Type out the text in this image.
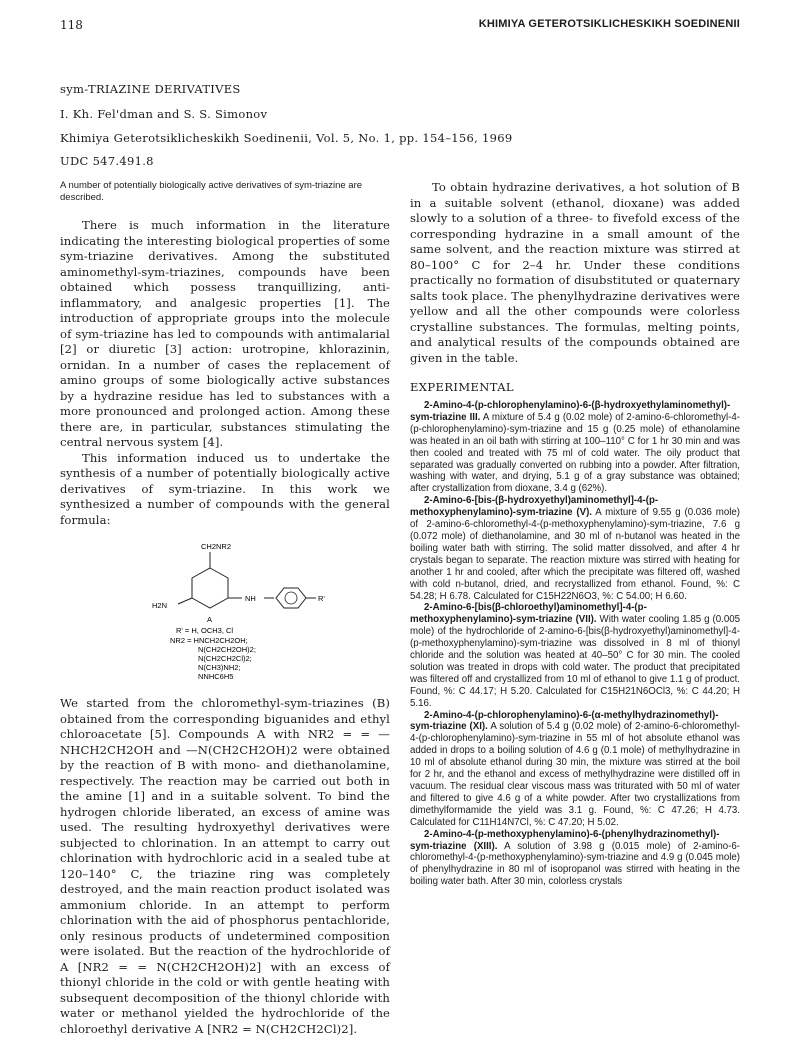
118	KHIMIYA GETEROTSIKLICHESKIKH SOEDINENII
sym-TRIAZINE DERIVATIVES
I. Kh. Fel'dman and S. S. Simonov
Khimiya Geterotsiklicheskikh Soedinenii, Vol. 5, No. 1, pp. 154–156, 1969
UDC 547.491.8

A number of potentially biologically active derivatives of sym-triazine are described.

There is much information in the literature indicating the interesting biological properties of some sym-triazine derivatives. Among the substituted aminomethyl-sym-triazines, compounds have been obtained which possess tranquillizing, anti-inflammatory, and analgesic properties [1]. The introduction of appropriate groups into the molecule of sym-triazine has led to compounds with antimalarial [2] or diuretic [3] action: urotropine, khlorazinin, ornidan. In a number of cases the replacement of amino groups of some biologically active substances by a hydrazine residue has led to substances with a more pronounced and prolonged action. Among these there are, in particular, substances stimulating the central nervous system [4].

This information induced us to undertake the synthesis of a number of potentially biologically active derivatives of sym-triazine. In this work we synthesized a number of compounds with the general formula:

CH2NR2
H2N
NH	R'
A
R' = H, OCH3, Cl
NR2 = HNCH2CH2OH;
N(CH2CH2OH)2;
N(CH2CH2Cl)2;
N(CH3)NH2;
NNHC6H5

We started from the chloromethyl-sym-triazines (B) obtained from the corresponding biguanides and ethyl chloroacetate [5]. Compounds A with NR2 = = —NHCH2CH2OH and —N(CH2CH2OH)2 were obtained by the reaction of B with mono- and diethanolamine, respectively. The reaction may be carried out both in the amine [1] and in a suitable solvent. To bind the hydrogen chloride liberated, an excess of amine was used. The resulting hydroxyethyl derivatives were subjected to chlorination. In an attempt to carry out chlorination with hydrochloric acid in a sealed tube at 120–140° C, the triazine ring was completely destroyed, and the main reaction product isolated was ammonium chloride. In an attempt to perform chlorination with the aid of phosphorus pentachloride, only resinous products of undetermined composition were isolated. But the reaction of the hydrochloride of A [NR2 = = N(CH2CH2OH)2] with an excess of thionyl chloride in the cold or with gentle heating with subsequent decomposition of the thionyl chloride with water or methanol yielded the hydrochloride of the chloroethyl derivative A [NR2 = N(CH2CH2Cl)2].

To obtain hydrazine derivatives, a hot solution of B in a suitable solvent (ethanol, dioxane) was added slowly to a solution of a three- to fivefold excess of the corresponding hydrazine in a small amount of the same solvent, and the reaction mixture was stirred at 80–100° C for 2–4 hr. Under these conditions practically no formation of disubstituted or quaternary salts took place. The phenylhydrazine derivatives were yellow and all the other compounds were colorless crystalline substances. The formulas, melting points, and analytical results of the compounds obtained are given in the table.

EXPERIMENTAL

2-Amino-4-(p-chlorophenylamino)-6-(β-hydroxyethylaminomethyl)-sym-triazine III. A mixture of 5.4 g (0.02 mole) of 2-amino-6-chloromethyl-4-(p-chlorophenylamino)-sym-triazine and 15 g (0.25 mole) of ethanolamine was heated in an oil bath with stirring at 100–110° C for 1 hr 30 min and was then cooled and treated with 75 ml of cold water. The oily product that separated was gradually converted on rubbing into a powder. After filtration, washing with water, and drying, 5.1 g of a gray substance was obtained; after crystallization from dioxane, 3.4 g (62%).

2-Amino-6-[bis-(β-hydroxyethyl)aminomethyl]-4-(p-methoxyphenylamino)-sym-triazine (V). A mixture of 9.55 g (0.036 mole) of 2-amino-6-chloromethyl-4-(p-methoxyphenylamino)-sym-triazine, 7.6 g (0.072 mole) of diethanolamine, and 30 ml of n-butanol was heated in the boiling water bath with stirring. The solid matter dissolved, and after 4 hr crystals began to separate. The reaction mixture was stirred with heating for another 1 hr and cooled, after which the precipitate was filtered off, washed with cold n-butanol, dried, and recrystallized from ethanol. Found, %: C 54.28; H 6.78. Calculated for C15H22N6O3, %: C 54.00; H 6.60.

2-Amino-6-[bis(β-chloroethyl)aminomethyl]-4-(p-methoxyphenylamino)-sym-triazine (VII). With water cooling 1.85 g (0.005 mole) of the hydrochloride of 2-amino-6-[bis(β-hydroxyethyl)aminomethyl]-4-(p-methoxyphenylamino)-sym-triazine was dissolved in 8 ml of thionyl chloride and the solution was heated at 40–50° C for 30 min. The cooled solution was treated in drops with cold water. The product that precipitated was filtered off and crystallized from 10 ml of ethanol to give 1.1 g of product. Found, %: C 44.17; H 5.20. Calculated for C15H21N6OCl3, %: C 44.20; H 5.16.

2-Amino-4-(p-chlorophenylamino)-6-(α-methylhydrazinomethyl)-sym-triazine (XI). A solution of 5.4 g (0.02 mole) of 2-amino-6-chloromethyl-4-(p-chlorophenylamino)-sym-triazine in 55 ml of hot absolute ethanol was added in drops to a boiling solution of 4.6 g (0.1 mole) of methylhydrazine in 10 ml of absolute ethanol during 30 min, the mixture was stirred at the boil for 2 hr, and the ethanol and excess of methylhydrazine were distilled off in vacuum. The residual clear viscous mass was triturated with 50 ml of water and filtered to give 4.6 g of a white powder. After two crystallizations from dimethylformamide the yield was 3.1 g. Found, %: C 47.26; H 4.73. Calculated for C11H14N7Cl, %: C 47.20; H 5.02.

2-Amino-4-(p-methoxyphenylamino)-6-(phenylhydrazinomethyl)-sym-triazine (XIII). A solution of 3.98 g (0.015 mole) of 2-amino-6-chloromethyl-4-(p-methoxyphenylamino)-sym-triazine and 4.9 g (0.045 mole) of phenylhydrazine in 80 ml of isopropanol was stirred with heating in the boiling water bath. After 30 min, colorless crystals
